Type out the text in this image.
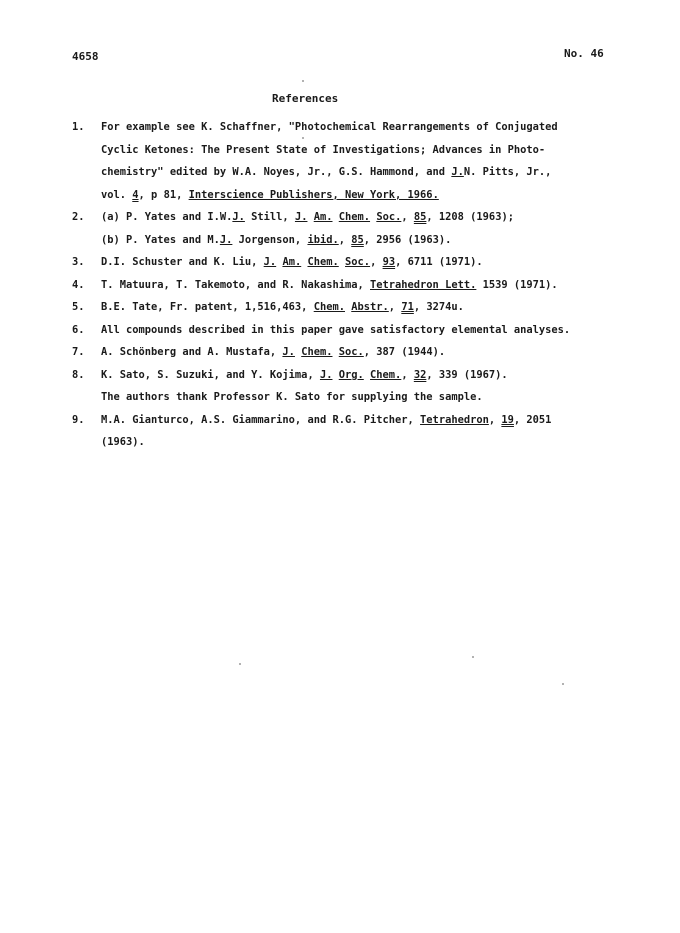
4658	No. 46
References
1. For example see K. Schaffner, "Photochemical Rearrangements of Conjugated
Cyclic Ketones: The Present State of Investigations; Advances in Photo-
chemistry" edited by W.A. Noyes, Jr., G.S. Hammond, and J.N. Pitts, Jr.,
vol. 4, p 81, Interscience Publishers, New York, 1966.
2. (a) P. Yates and I.W.J. Still, J. Am. Chem. Soc., 85, 1208 (1963);
(b) P. Yates and M.J. Jorgenson, ibid., 85, 2956 (1963).
3. D.I. Schuster and K. Liu, J. Am. Chem. Soc., 93, 6711 (1971).
4. T. Matuura, T. Takemoto, and R. Nakashima, Tetrahedron Lett. 1539 (1971).
5. B.E. Tate, Fr. patent, 1,516,463, Chem. Abstr., 71, 3274u.
6. All compounds described in this paper gave satisfactory elemental analyses.
7. A. Schönberg and A. Mustafa, J. Chem. Soc., 387 (1944).
8. K. Sato, S. Suzuki, and Y. Kojima, J. Org. Chem., 32, 339 (1967).
The authors thank Professor K. Sato for supplying the sample.
9. M.A. Gianturco, A.S. Giammarino, and R.G. Pitcher, Tetrahedron, 19, 2051
(1963).
